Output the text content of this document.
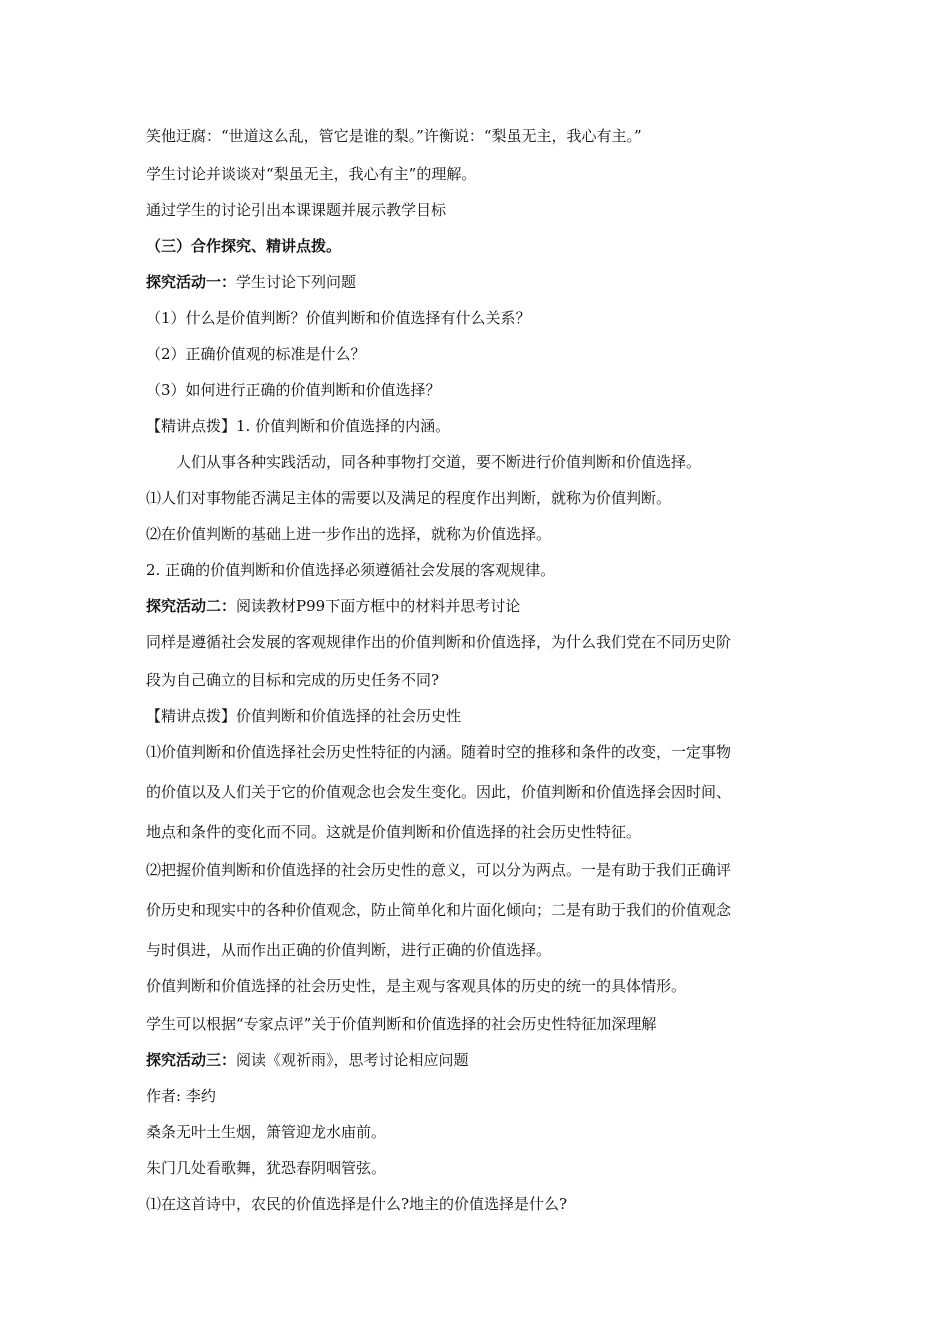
笑他迂腐：“世道这么乱，管它是谁的梨。”许衡说：“梨虽无主，我心有主。”
学生讨论并谈谈对“梨虽无主，我心有主”的理解。
通过学生的讨论引出本课课题并展示教学目标
（三）合作探究、精讲点拨。
探究活动一：学生讨论下列问题
（1）什么是价值判断？价值判断和价值选择有什么关系？
（2）正确价值观的标准是什么？
（3）如何进行正确的价值判断和价值选择？
【精讲点拨】1. 价值判断和价值选择的内涵。
人们从事各种实践活动，同各种事物打交道，要不断进行价值判断和价值选择。
⑴人们对事物能否满足主体的需要以及满足的程度作出判断，就称为价值判断。
⑵在价值判断的基础上进一步作出的选择，就称为价值选择。
2. 正确的价值判断和价值选择必须遵循社会发展的客观规律。
探究活动二：阅读教材P99下面方框中的材料并思考讨论
同样是遵循社会发展的客观规律作出的价值判断和价值选择，为什么我们党在不同历史阶
段为自己确立的目标和完成的历史任务不同?
【精讲点拨】价值判断和价值选择的社会历史性
⑴价值判断和价值选择社会历史性特征的内涵。随着时空的推移和条件的改变，一定事物
的价值以及人们关于它的价值观念也会发生变化。因此，价值判断和价值选择会因时间、
地点和条件的变化而不同。这就是价值判断和价值选择的社会历史性特征。
⑵把握价值判断和价值选择的社会历史性的意义，可以分为两点。一是有助于我们正确评
价历史和现实中的各种价值观念，防止简单化和片面化倾向；二是有助于我们的价值观念
与时俱进，从而作出正确的价值判断，进行正确的价值选择。
价值判断和价值选择的社会历史性，是主观与客观具体的历史的统一的具体情形。
学生可以根据“专家点评”关于价值判断和价值选择的社会历史性特征加深理解
探究活动三：阅读《观祈雨》，思考讨论相应问题
作者: 李约
桑条无叶土生烟，箫管迎龙水庙前。
朱门几处看歌舞，犹恐春阴咽管弦。
⑴在这首诗中，农民的价值选择是什么?地主的价值选择是什么?
